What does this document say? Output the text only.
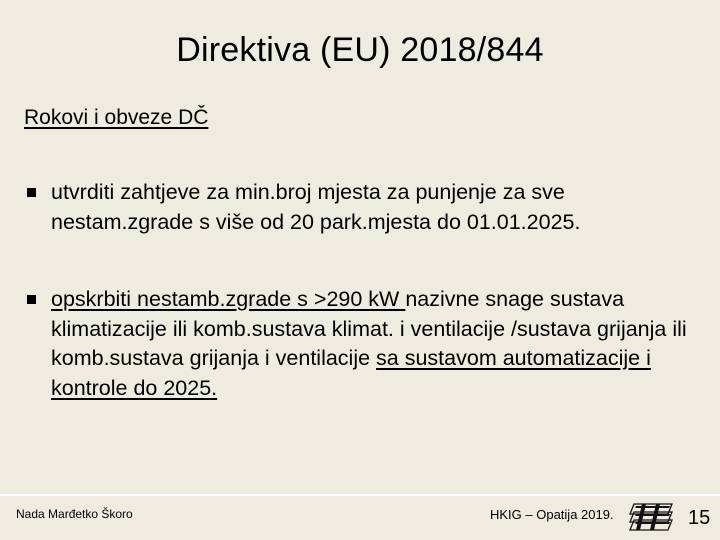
Direktiva (EU) 2018/844
Rokovi i obveze DČ
utvrditi zahtjeve za min.broj mjesta za punjenje za sve nestam.zgrade s više od 20 park.mjesta do 01.01.2025.
opskrbiti nestamb.zgrade s >290 kW nazivne snage sustava klimatizacije ili komb.sustava klimat. i ventilacije /sustava grijanja ili komb.sustava grijanja i ventilacije sa sustavom automatizacije i kontrole do 2025.
Nada Marđetko Škoro	HKIG – Opatija 2019.	15
